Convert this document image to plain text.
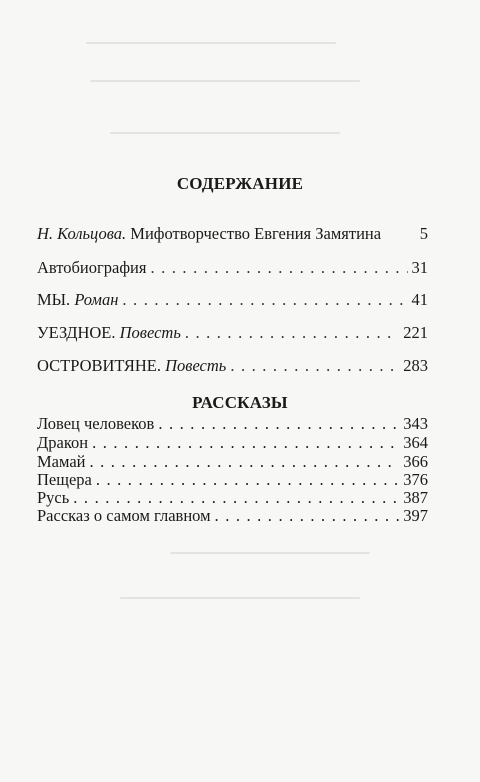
СОДЕРЖАНИЕ
Н. Кольцова. Мифотворчество Евгения Замятина 5
Автобиография . . .	31
МЫ. Роман . . .	41
УЕЗДНОЕ. Повесть . . .	221
ОСТРОВИТЯНЕ. Повесть . . .	283
РАССКАЗЫ
Ловец человеков . . .	343
Дракон . . .	364
Мамай . . .	366
Пещера . . .	376
Русь . . .	387
Рассказ о самом главном . . .	397
